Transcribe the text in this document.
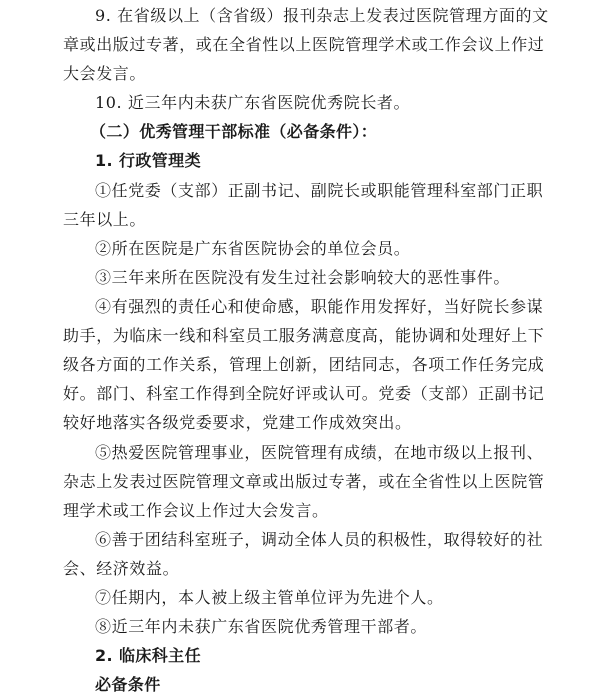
9. 在省级以上（含省级）报刊杂志上发表过医院管理方面的文
章或出版过专著，或在全省性以上医院管理学术或工作会议上作过
大会发言。
10. 近三年内未获广东省医院优秀院长者。
（二）优秀管理干部标准（必备条件）：
1. 行政管理类
①任党委（支部）正副书记、副院长或职能管理科室部门正职
三年以上。
②所在医院是广东省医院协会的单位会员。
③三年来所在医院没有发生过社会影响较大的恶性事件。
④有强烈的责任心和使命感，职能作用发挥好，当好院长参谋
助手，为临床一线和科室员工服务满意度高，能协调和处理好上下
级各方面的工作关系，管理上创新，团结同志，各项工作任务完成
好。部门、科室工作得到全院好评或认可。党委（支部）正副书记
较好地落实各级党委要求，党建工作成效突出。
⑤热爱医院管理事业，医院管理有成绩，在地市级以上报刊、
杂志上发表过医院管理文章或出版过专著，或在全省性以上医院管
理学术或工作会议上作过大会发言。
⑥善于团结科室班子，调动全体人员的积极性，取得较好的社
会、经济效益。
⑦任期内，本人被上级主管单位评为先进个人。
⑧近三年内未获广东省医院优秀管理干部者。
2. 临床科主任
必备条件
